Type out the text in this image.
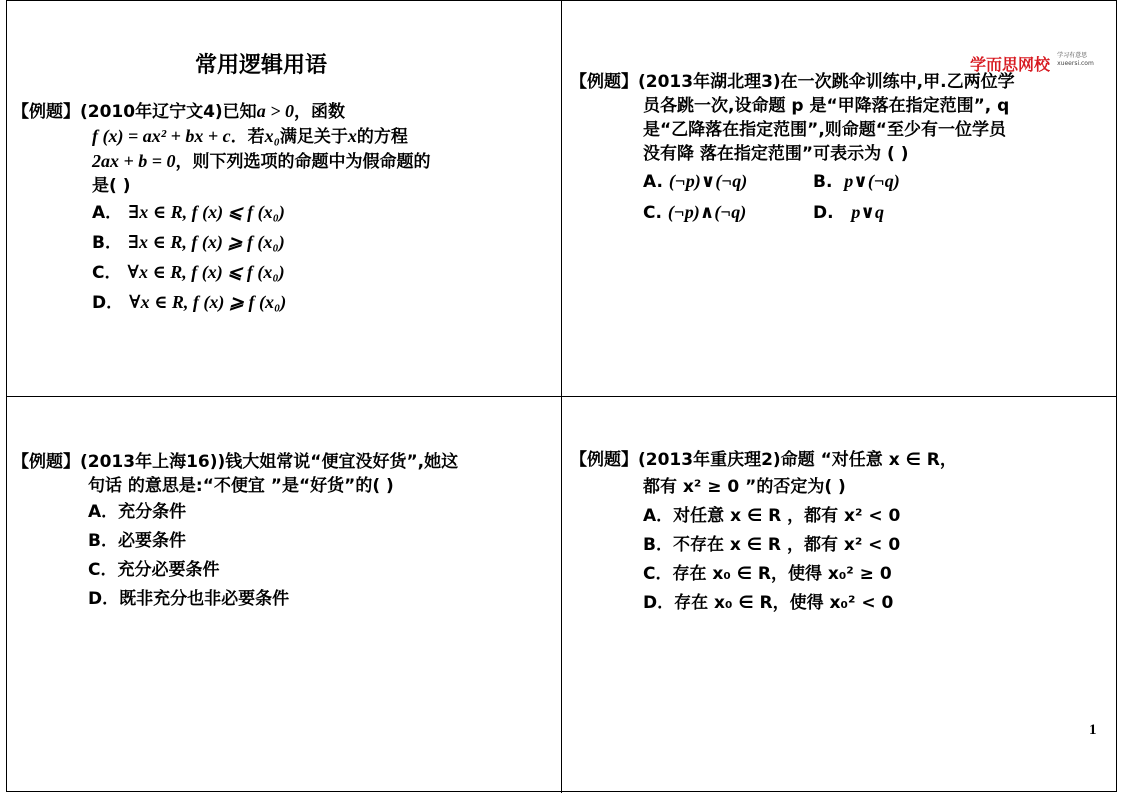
常用逻辑用语	学而思网校 学习有意思
xueersi.com
【例题】(2010年辽宁文4)已知a > 0，函数
f (x) = ax² + bx + c．若x₀满足关于x的方程
2ax + b = 0，则下列选项的命题中为假命题的
是( )
A． ∃x ∈ R, f (x) ⩽ f (x₀)
B． ∃x ∈ R, f (x) ⩾ f (x₀)
C． ∀x ∈ R, f (x) ⩽ f (x₀)
D． ∀x ∈ R, f (x) ⩾ f (x₀)
【例题】(2013年湖北理3)在一次跳伞训练中,甲.乙两位学
员各跳一次,设命题 p 是“甲降落在指定范围”, q
是“乙降落在指定范围”,则命题“至少有一位学员
没有降 落在指定范围”可表示为 ( )
A. (¬p)∨(¬q)	B. p∨(¬q)
C. (¬p)∧(¬q)	D. p∨q
【例题】(2013年上海16))钱大姐常说“便宜没好货”,她这
句话 的意思是:“不便宜 ”是“好货”的( )
A．充分条件
B．必要条件
C．充分必要条件
D．既非充分也非必要条件
【例题】(2013年重庆理2)命题 “对任意 x ∈ R，
都有 x² ≥ 0 ”的否定为( )
A．对任意 x ∈ R ，都有 x² < 0
B．不存在 x ∈ R ，都有 x² < 0
C．存在 x₀ ∈ R，使得 x₀² ≥ 0
D．存在 x₀ ∈ R，使得 x₀² < 0
1
